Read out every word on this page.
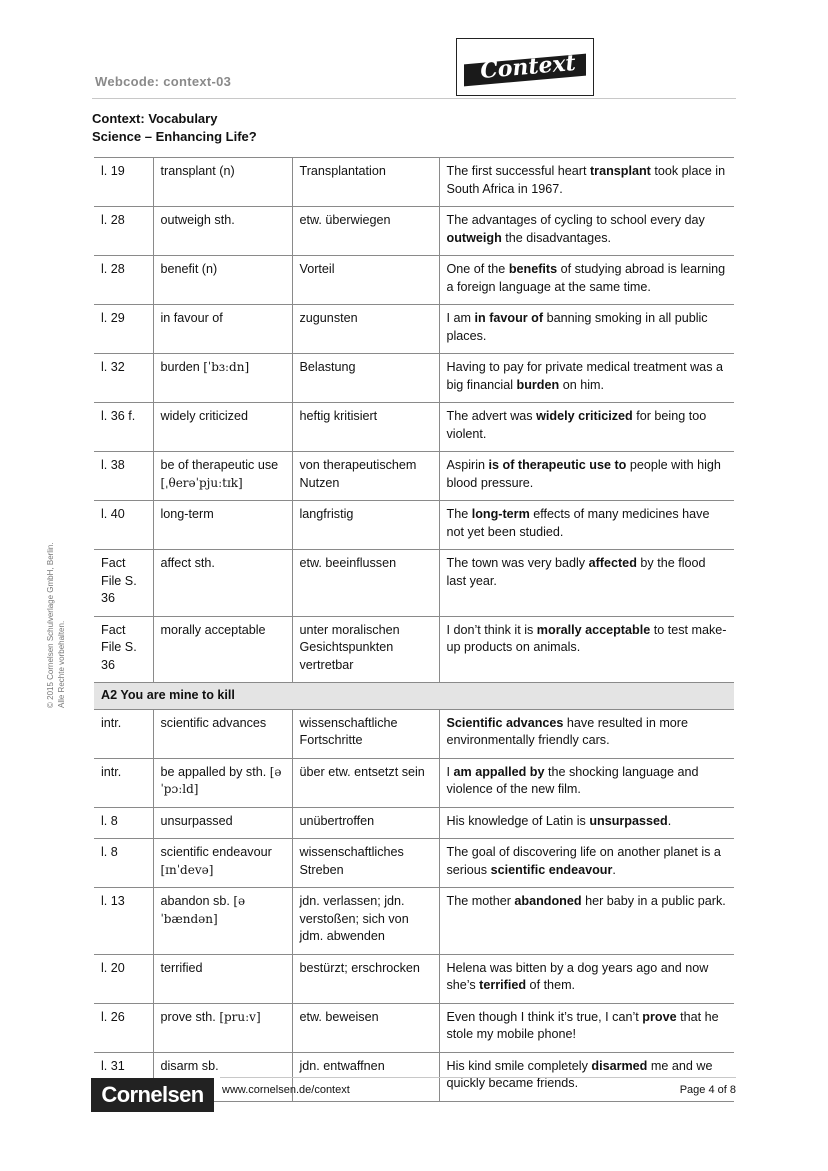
Webcode: context-03	Context
Context: Vocabulary
Science – Enhancing Life?
l. 19	transplant (n)	Transplantation	The first successful heart transplant took place in South Africa in 1967.
l. 28	outweigh sth.	etw. überwiegen	The advantages of cycling to school every day outweigh the disadvantages.
l. 28	benefit (n)	Vorteil	One of the benefits of studying abroad is learning a foreign language at the same time.
l. 29	in favour of	zugunsten	I am in favour of banning smoking in all public places.
l. 32	burden [ˈbɜːdn]	Belastung	Having to pay for private medical treatment was a big financial burden on him.
l. 36 f.	widely criticized	heftig kritisiert	The advert was widely criticized for being too violent.
l. 38	be of therapeutic use [ˌθerəˈpjuːtɪk]	von therapeutischem Nutzen	Aspirin is of therapeutic use to people with high blood pressure.
l. 40	long-term	langfristig	The long-term effects of many medicines have not yet been studied.
Fact File S. 36	affect sth.	etw. beeinflussen	The town was very badly affected by the flood last year.
Fact File S. 36	morally acceptable	unter moralischen Gesichtspunkten vertretbar	I don’t think it is morally acceptable to test make-up products on animals.
A2 You are mine to kill			
intr.	scientific advances	wissenschaftliche Fortschritte	Scientific advances have resulted in more environmentally friendly cars.
intr.	be appalled by sth. [əˈpɔːld]	über etw. entsetzt sein	I am appalled by the shocking language and violence of the new film.
l. 8	unsurpassed	unübertroffen	His knowledge of Latin is unsurpassed.
l. 8	scientific endeavour [ɪnˈdevə]	wissenschaftliches Streben	The goal of discovering life on another planet is a serious scientific endeavour.
l. 13	abandon sb. [əˈbændən]	jdn. verlassen; jdn. verstoßen; sich von jdm. abwenden	The mother abandoned her baby in a public park.
l. 20	terrified	bestürzt; erschrocken	Helena was bitten by a dog years ago and now she’s terrified of them.
l. 26	prove sth. [pruːv]	etw. beweisen	Even though I think it’s true, I can’t prove that he stole my mobile phone!
l. 31	disarm sb.	jdn. entwaffnen	His kind smile completely disarmed me and we quickly became friends.
© 2015 Cornelsen Schulverlage GmbH, Berlin. Alle Rechte vorbehalten.
Cornelsen	www.cornelsen.de/context	Page 4 of 8
